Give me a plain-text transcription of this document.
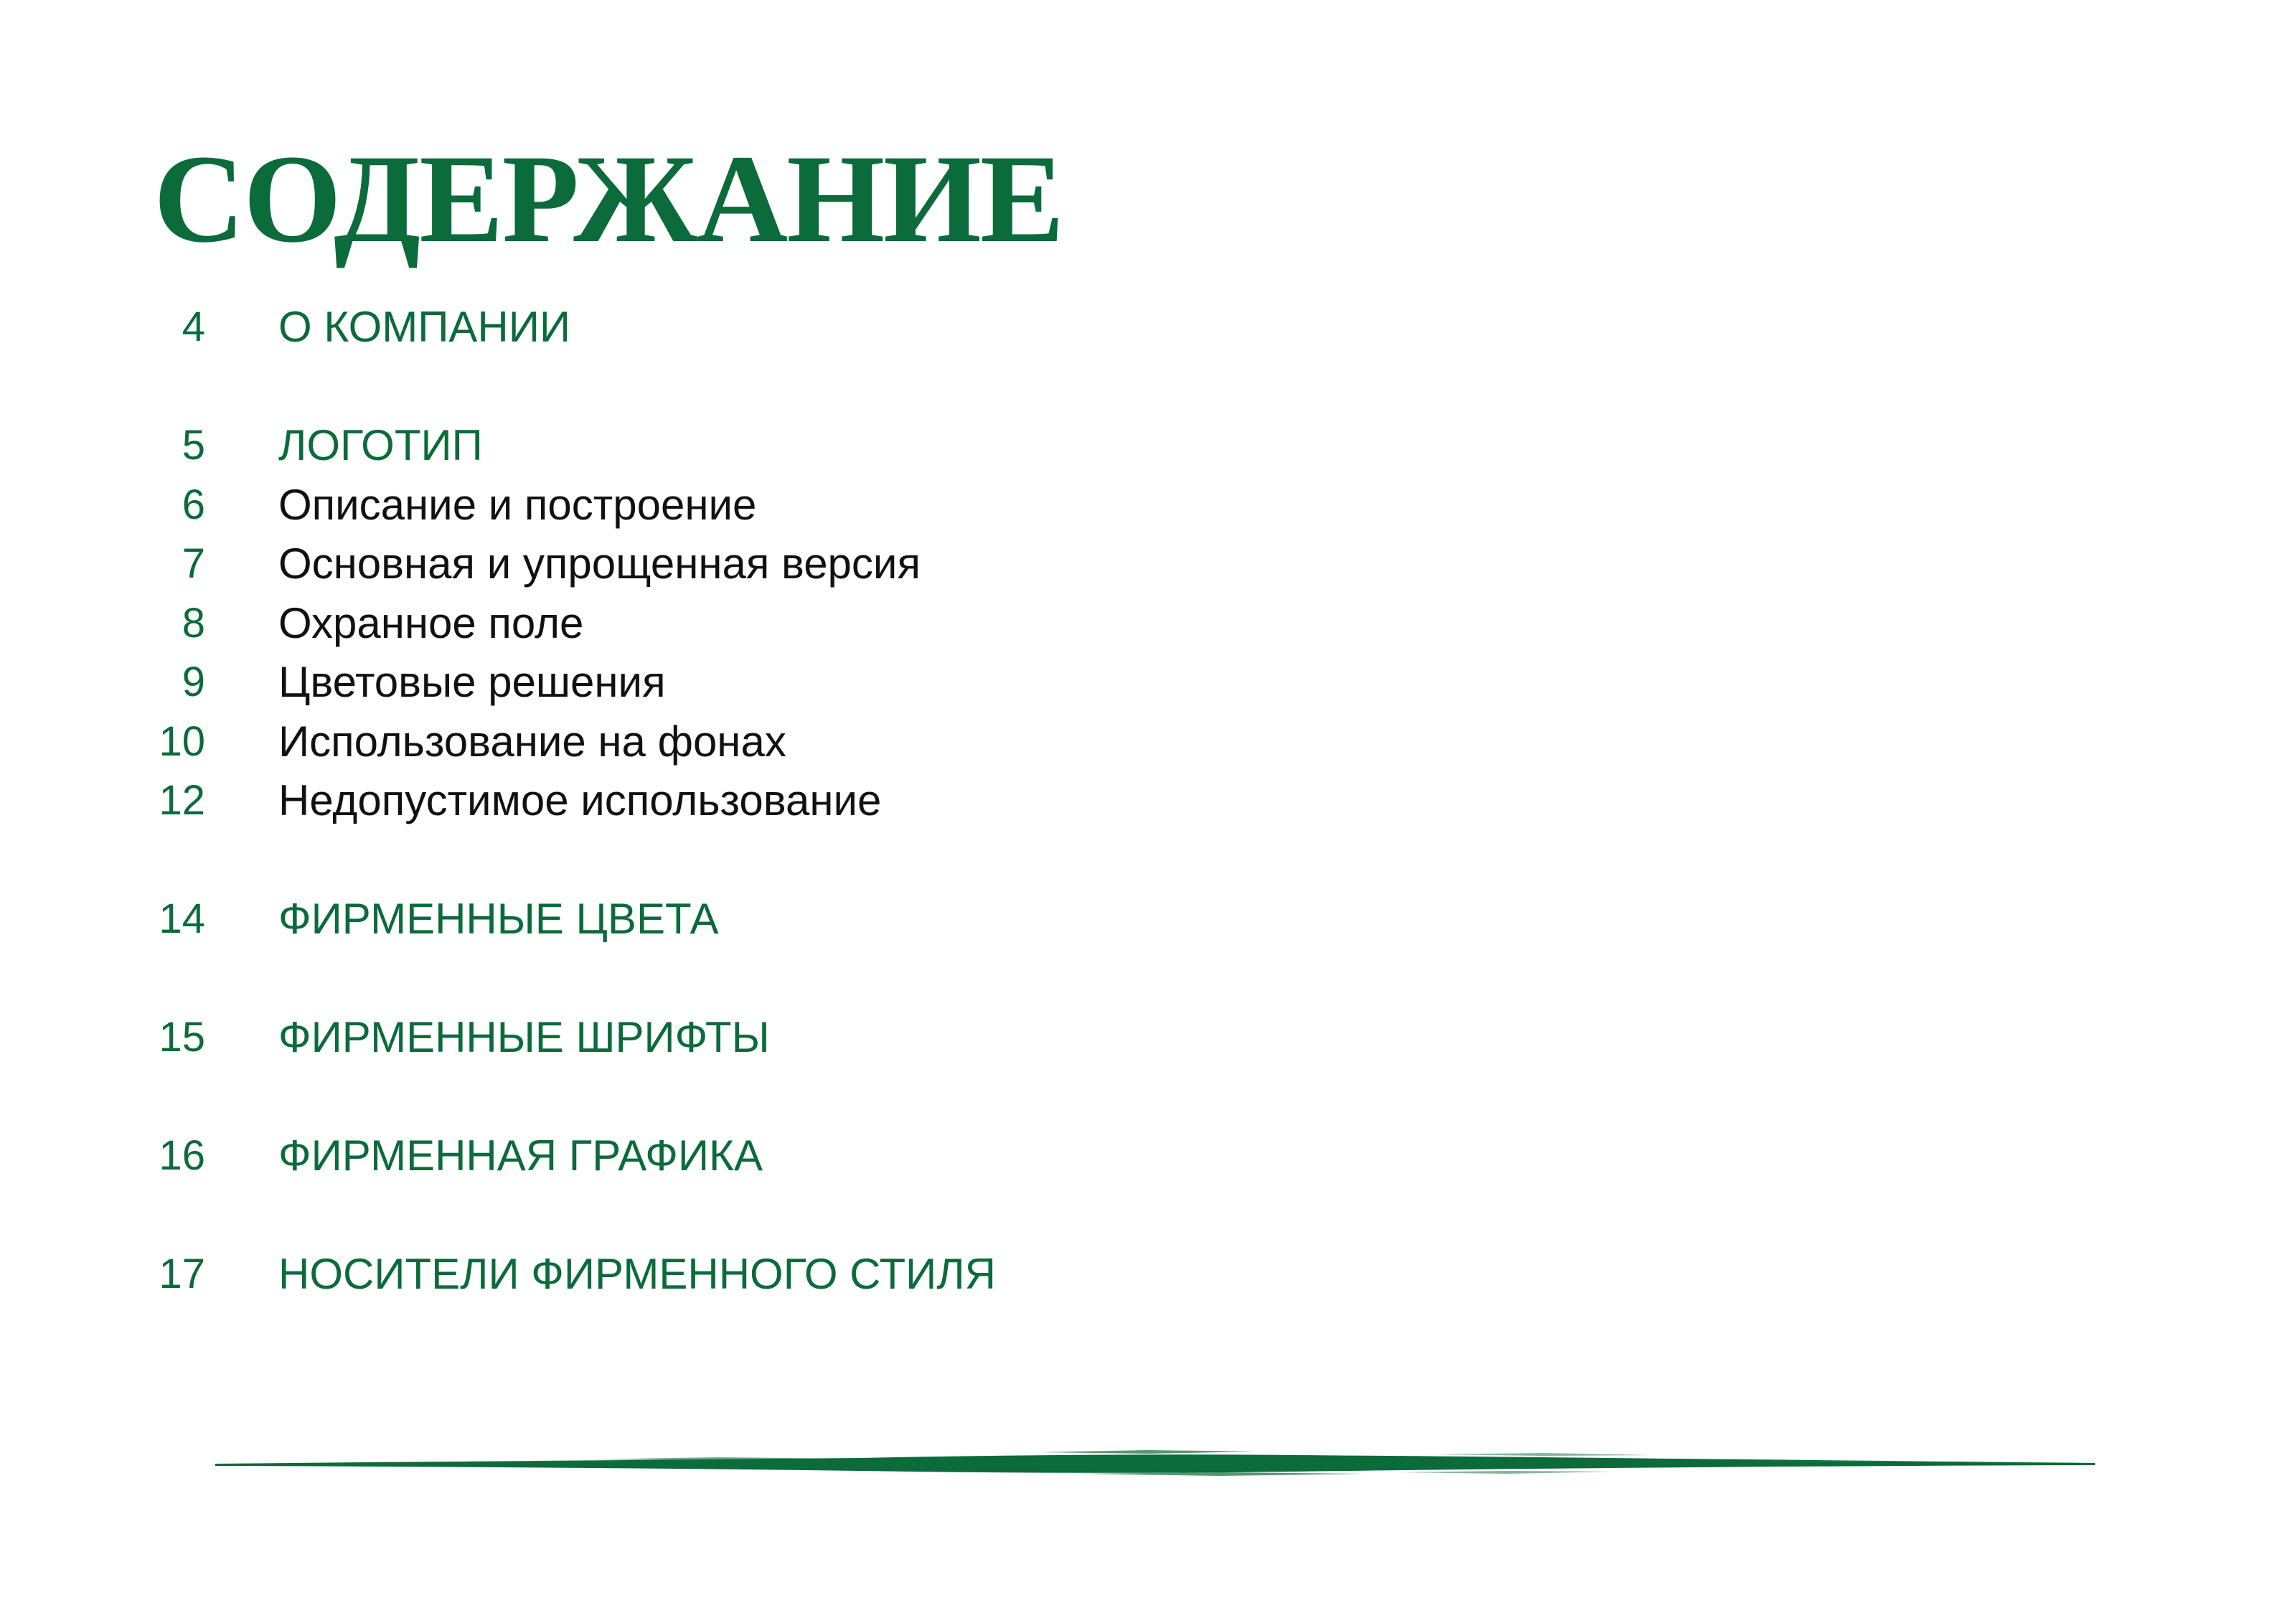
СОДЕРЖАНИЕ
4 О КОМПАНИИ
5 ЛОГОТИП
6 Описание и построение
7 Основная и упрощенная версия
8 Охранное поле
9 Цветовые решения
10 Использование на фонах
12 Недопустимое использование
14 ФИРМЕННЫЕ ЦВЕТА
15 ФИРМЕННЫЕ ШРИФТЫ
16 ФИРМЕННАЯ ГРАФИКА
17 НОСИТЕЛИ ФИРМЕННОГО СТИЛЯ
